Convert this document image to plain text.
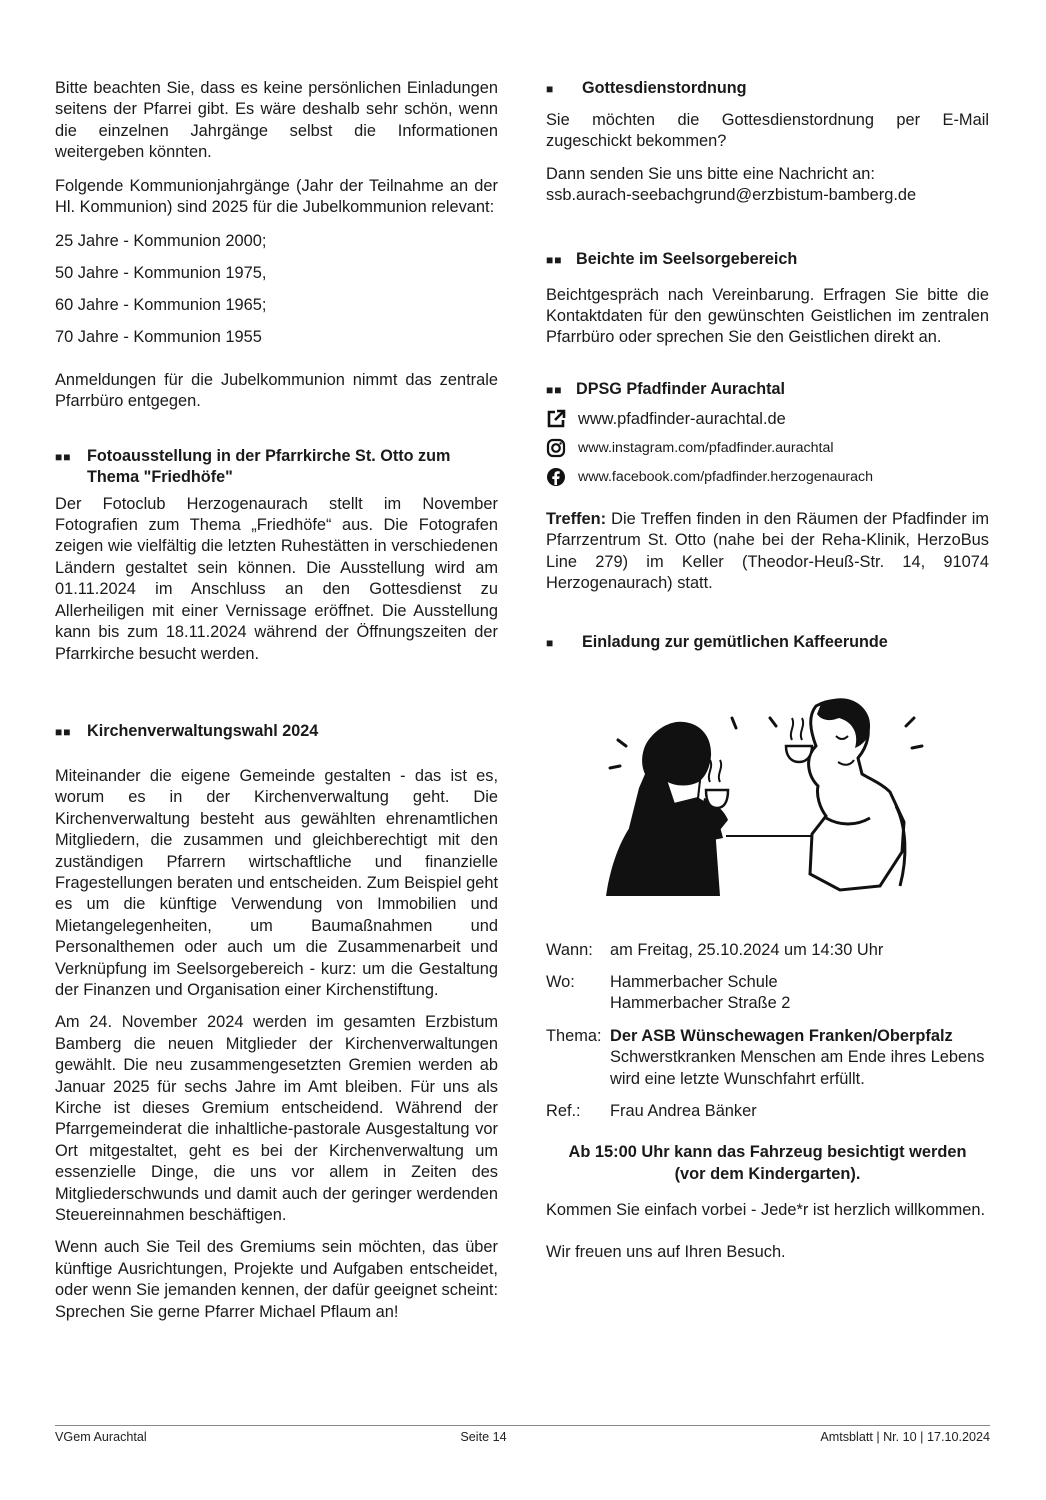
Bitte beachten Sie, dass es keine persönlichen Einladungen seitens der Pfarrei gibt. Es wäre deshalb sehr schön, wenn die einzelnen Jahrgänge selbst die Informationen weitergeben könnten.

Folgende Kommunionjahrgänge (Jahr der Teilnahme an der Hl. Kommunion) sind 2025 für die Jubelkommunion relevant:

25 Jahre - Kommunion 2000;

50 Jahre - Kommunion 1975,

60 Jahre - Kommunion 1965;

70 Jahre - Kommunion 1955

Anmeldungen für die Jubelkommunion nimmt das zentrale Pfarrbüro entgegen.

■■ Fotoausstellung in der Pfarrkirche St. Otto zum Thema "Friedhöfe"

Der Fotoclub Herzogenaurach stellt im November Fotografien zum Thema „Friedhöfe“ aus. Die Fotografen zeigen wie vielfältig die letzten Ruhestätten in verschiedenen Ländern gestaltet sein können. Die Ausstellung wird am 01.11.2024 im Anschluss an den Gottesdienst zu Allerheiligen mit einer Vernissage eröffnet. Die Ausstellung kann bis zum 18.11.2024 während der Öffnungszeiten der Pfarrkirche besucht werden.

■■ Kirchenverwaltungswahl 2024

Miteinander die eigene Gemeinde gestalten - das ist es, worum es in der Kirchenverwaltung geht. Die Kirchenverwaltung besteht aus gewählten ehrenamtlichen Mitgliedern, die zusammen und gleichberechtigt mit den zuständigen Pfarrern wirtschaftliche und finanzielle Fragestellungen beraten und entscheiden. Zum Beispiel geht es um die künftige Verwendung von Immobilien und Mietangelegenheiten, um Baumaßnahmen und Personalthemen oder auch um die Zusammenarbeit und Verknüpfung im Seelsorgebereich - kurz: um die Gestaltung der Finanzen und Organisation einer Kirchenstiftung.

Am 24. November 2024 werden im gesamten Erzbistum Bamberg die neuen Mitglieder der Kirchenverwaltungen gewählt. Die neu zusammengesetzten Gremien werden ab Januar 2025 für sechs Jahre im Amt bleiben. Für uns als Kirche ist dieses Gremium entscheidend. Während der Pfarrgemeinderat die inhaltliche-pastorale Ausgestaltung vor Ort mitgestaltet, geht es bei der Kirchenverwaltung um essenzielle Dinge, die uns vor allem in Zeiten des Mitgliederschwunds und damit auch der geringer werdenden Steuereinnahmen beschäftigen.

Wenn auch Sie Teil des Gremiums sein möchten, das über künftige Ausrichtungen, Projekte und Aufgaben entscheidet, oder wenn Sie jemanden kennen, der dafür geeignet scheint: Sprechen Sie gerne Pfarrer Michael Pflaum an!

■	Gottesdienstordnung

Sie möchten die Gottesdienstordnung per E-Mail zugeschickt bekommen?

Dann senden Sie uns bitte eine Nachricht an:

ssb.aurach-seebachgrund@erzbistum-bamberg.de

■■ Beichte im Seelsorgebereich

Beichtgespräch nach Vereinbarung. Erfragen Sie bitte die Kontaktdaten für den gewünschten Geistlichen im zentralen Pfarrbüro oder sprechen Sie den Geistlichen direkt an.

■■ DPSG Pfadfinder Aurachtal
www.pfadfinder-aurachtal.de
www.instagram.com/pfadfinder.aurachtal
www.facebook.com/pfadfinder.herzogenaurach

Treffen: Die Treffen finden in den Räumen der Pfadfinder im Pfarrzentrum St. Otto (nahe bei der Reha-Klinik, HerzoBus Line 279) im Keller (Theodor-Heuß-Str. 14, 91074 Herzogenaurach) statt.

■	Einladung zur gemütlichen Kaffeerunde
Wann:	am Freitag, 25.10.2024 um 14:30 Uhr
Wo:	Hammerbacher Schule
Hammerbacher Straße 2
Thema: Der ASB Wünschewagen Franken/Oberpfalz
Schwerstkranken Menschen am Ende ihres Lebens wird eine letzte Wunschfahrt erfüllt.
Ref.:	Frau Andrea Bänker
Ab 15:00 Uhr kann das Fahrzeug besichtigt werden
(vor dem Kindergarten).

Kommen Sie einfach vorbei - Jede*r ist herzlich willkommen.

Wir freuen uns auf Ihren Besuch.

VGem Aurachtal	Seite 14	Amtsblatt | Nr. 10 | 17.10.2024
